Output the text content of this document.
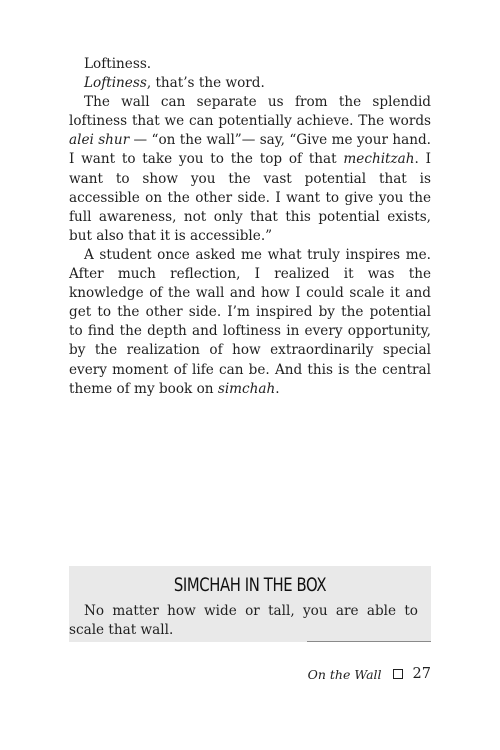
Loftiness.

Loftiness, that’s the word.

The wall can separate us from the splendid loftiness that we can potentially achieve. The words alei shur — “on the wall”— say, “Give me your hand. I want to take you to the top of that mechitzah. I want to show you the vast potential that is accessible on the other side. I want to give you the full awareness, not only that this potential exists, but also that it is accessible.”

A student once asked me what truly inspires me. After much reflection, I realized it was the knowledge of the wall and how I could scale it and get to the other side. I’m inspired by the potential to find the depth and loftiness in every opportunity, by the realization of how extraordinarily special every moment of life can be. And this is the central theme of my book on simchah.

SIMCHAH IN THE BOX

No matter how wide or tall, you are able to scale that wall.

On the Wall 27
